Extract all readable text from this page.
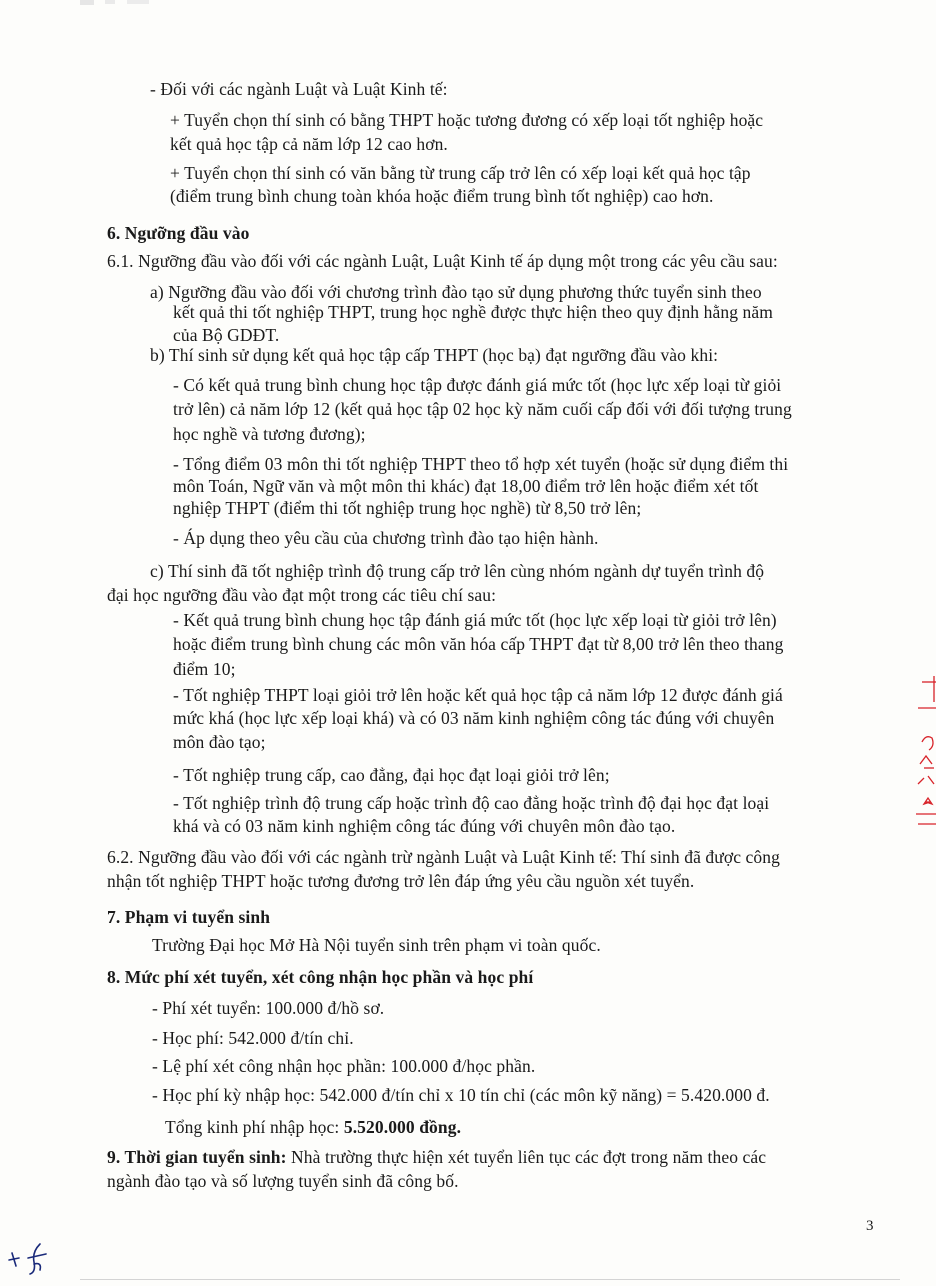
- Đối với các ngành Luật và Luật Kinh tế:
+ Tuyển chọn thí sinh có bằng THPT hoặc tương đương có xếp loại tốt nghiệp hoặc
kết quả học tập cả năm lớp 12 cao hơn.
+ Tuyển chọn thí sinh có văn bằng từ trung cấp trở lên có xếp loại kết quả học tập
(điểm trung bình chung toàn khóa hoặc điểm trung bình tốt nghiệp) cao hơn.
6. Ngưỡng đầu vào
6.1. Ngưỡng đầu vào đối với các ngành Luật, Luật Kinh tế áp dụng một trong các yêu cầu sau:
a) Ngưỡng đầu vào đối với chương trình đào tạo sử dụng phương thức tuyển sinh theo
kết quả thi tốt nghiệp THPT, trung học nghề được thực hiện theo quy định hằng năm
của Bộ GDĐT.
b) Thí sinh sử dụng kết quả học tập cấp THPT (học bạ) đạt ngưỡng đầu vào khi:
- Có kết quả trung bình chung học tập được đánh giá mức tốt (học lực xếp loại từ giỏi
trở lên) cả năm lớp 12 (kết quả học tập 02 học kỳ năm cuối cấp đối với đối tượng trung
học nghề và tương đương);
- Tổng điểm 03 môn thi tốt nghiệp THPT theo tổ hợp xét tuyển (hoặc sử dụng điểm thi
môn Toán, Ngữ văn và một môn thi khác) đạt 18,00 điểm trở lên hoặc điểm xét tốt
nghiệp THPT (điểm thi tốt nghiệp trung học nghề) từ 8,50 trở lên;
- Áp dụng theo yêu cầu của chương trình đào tạo hiện hành.
c) Thí sinh đã tốt nghiệp trình độ trung cấp trở lên cùng nhóm ngành dự tuyển trình độ
đại học ngưỡng đầu vào đạt một trong các tiêu chí sau:
- Kết quả trung bình chung học tập đánh giá mức tốt (học lực xếp loại từ giỏi trở lên)
hoặc điểm trung bình chung các môn văn hóa cấp THPT đạt từ 8,00 trở lên theo thang
điểm 10;
- Tốt nghiệp THPT loại giỏi trở lên hoặc kết quả học tập cả năm lớp 12 được đánh giá
mức khá (học lực xếp loại khá) và có 03 năm kinh nghiệm công tác đúng với chuyên
môn đào tạo;
- Tốt nghiệp trung cấp, cao đẳng, đại học đạt loại giỏi trở lên;
- Tốt nghiệp trình độ trung cấp hoặc trình độ cao đẳng hoặc trình độ đại học đạt loại
khá và có 03 năm kinh nghiệm công tác đúng với chuyên môn đào tạo.
6.2. Ngưỡng đầu vào đối với các ngành trừ ngành Luật và Luật Kinh tế: Thí sinh đã được công
nhận tốt nghiệp THPT hoặc tương đương trở lên đáp ứng yêu cầu nguồn xét tuyển.
7. Phạm vi tuyển sinh
Trường Đại học Mở Hà Nội tuyển sinh trên phạm vi toàn quốc.
8. Mức phí xét tuyển, xét công nhận học phần và học phí
- Phí xét tuyển: 100.000 đ/hồ sơ.
- Học phí: 542.000 đ/tín chỉ.
- Lệ phí xét công nhận học phần: 100.000 đ/học phần.
- Học phí kỳ nhập học: 542.000 đ/tín chỉ x 10 tín chỉ (các môn kỹ năng) = 5.420.000 đ.
Tổng kinh phí nhập học: 5.520.000 đồng.
9. Thời gian tuyển sinh: Nhà trường thực hiện xét tuyển liên tục các đợt trong năm theo các
ngành đào tạo và số lượng tuyển sinh đã công bố.
3
